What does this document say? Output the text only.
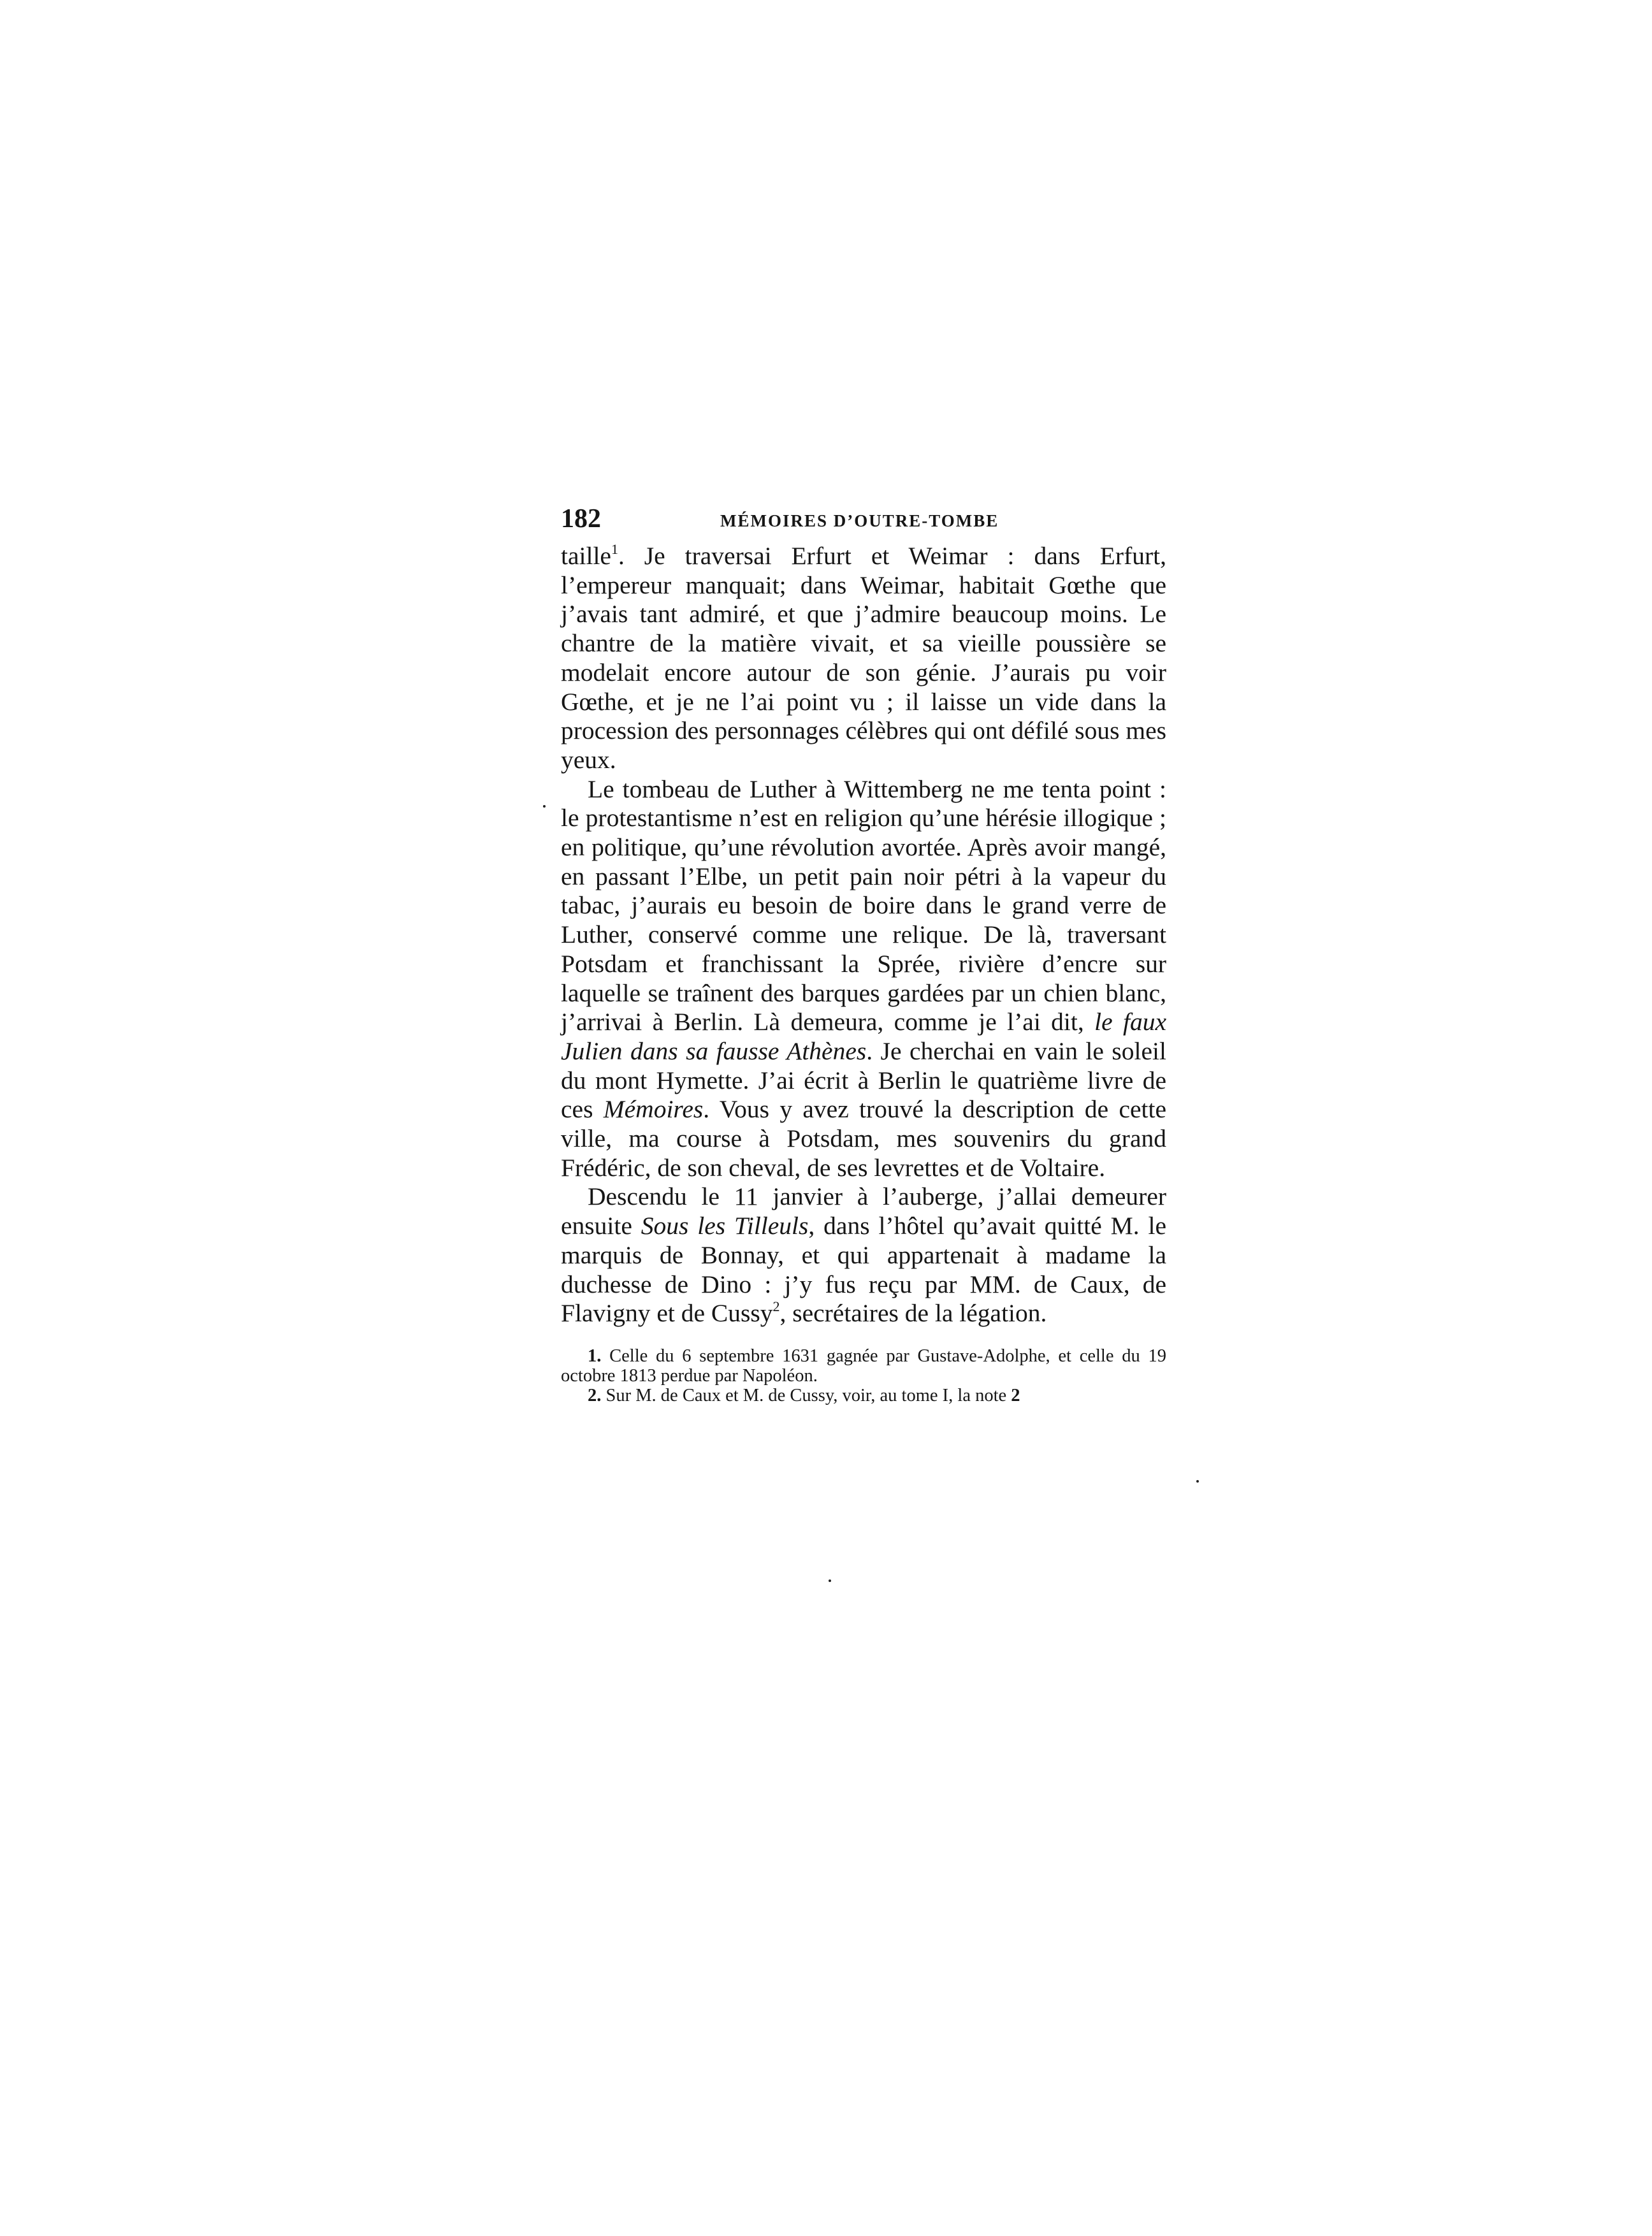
182	MÉMOIRES D’OUTRE-TOMBE

taille$^1$. Je traversai Erfurt et Weimar : dans Erfurt, l’empereur manquait; dans Weimar, habitait Gœthe que j’avais tant admiré, et que j’admire beaucoup moins. Le chantre de la matière vivait, et sa vieille poussière se modelait encore autour de son génie. J’aurais pu voir Gœthe, et je ne l’ai point vu ; il laisse un vide dans la procession des personnages célèbres qui ont défilé sous mes yeux.

Le tombeau de Luther à Wittemberg ne me tenta point : le protestantisme n’est en religion qu’une hérésie illogique ; en politique, qu’une révolution avortée. Après avoir mangé, en passant l’Elbe, un petit pain noir pétri à la vapeur du tabac, j’aurais eu besoin de boire dans le grand verre de Luther, conservé comme une relique. De là, traversant Potsdam et franchissant la Sprée, rivière d’encre sur laquelle se traînent des barques gardées par un chien blanc, j’arrivai à Berlin. Là demeura, comme je l’ai dit, le faux Julien dans sa fausse Athènes. Je cherchai en vain le soleil du mont Hymette. J’ai écrit à Berlin le quatrième livre de ces Mémoires. Vous y avez trouvé la description de cette ville, ma course à Potsdam, mes souvenirs du grand Frédéric, de son cheval, de ses levrettes et de Voltaire.

Descendu le 11 janvier à l’auberge, j’allai demeurer ensuite Sous les Tilleuls, dans l’hôtel qu’avait quitté M. le marquis de Bonnay, et qui appartenait à madame la duchesse de Dino : j’y fus reçu par MM. de Caux, de Flavigny et de Cussy$^2$, secrétaires de la légation.

1. Celle du 6 septembre 1631 gagnée par Gustave-Adolphe, et celle du 19 octobre 1813 perdue par Napoléon.

2. Sur M. de Caux et M. de Cussy, voir, au tome I, la note 2
